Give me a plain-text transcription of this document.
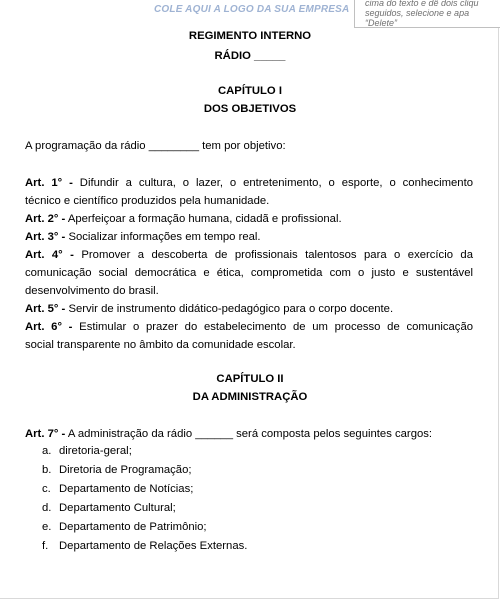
COLE AQUI A LOGO DA SUA EMPRESA
cima do texto e dê dois cliqu
seguidos, selecione e apa
“Delete”
REGIMENTO INTERNO
RÁDIO _____
CAPÍTULO I
DOS OBJETIVOS
A programação da rádio ________ tem por objetivo:
Art. 1° - Difundir a cultura, o lazer, o entretenimento, o esporte, o conhecimento
técnico e científico produzidos pela humanidade.
Art. 2° - Aperfeiçoar a formação humana, cidadã e profissional.
Art. 3° - Socializar informações em tempo real.
Art. 4° - Promover a descoberta de profissionais talentosos para o exercício da
comunicação social democrática e ética, comprometida com o justo e sustentável
desenvolvimento do brasil.
Art. 5° - Servir de instrumento didático-pedagógico para o corpo docente.
Art. 6° - Estimular o prazer do estabelecimento de um processo de comunicação
social transparente no âmbito da comunidade escolar.
CAPÍTULO II
DA ADMINISTRAÇÃO
Art. 7° - A administração da rádio ______ será composta pelos seguintes cargos:
a. diretoria-geral;
b. Diretoria de Programação;
c. Departamento de Notícias;
d. Departamento Cultural;
e. Departamento de Patrimônio;
f. Departamento de Relações Externas.
